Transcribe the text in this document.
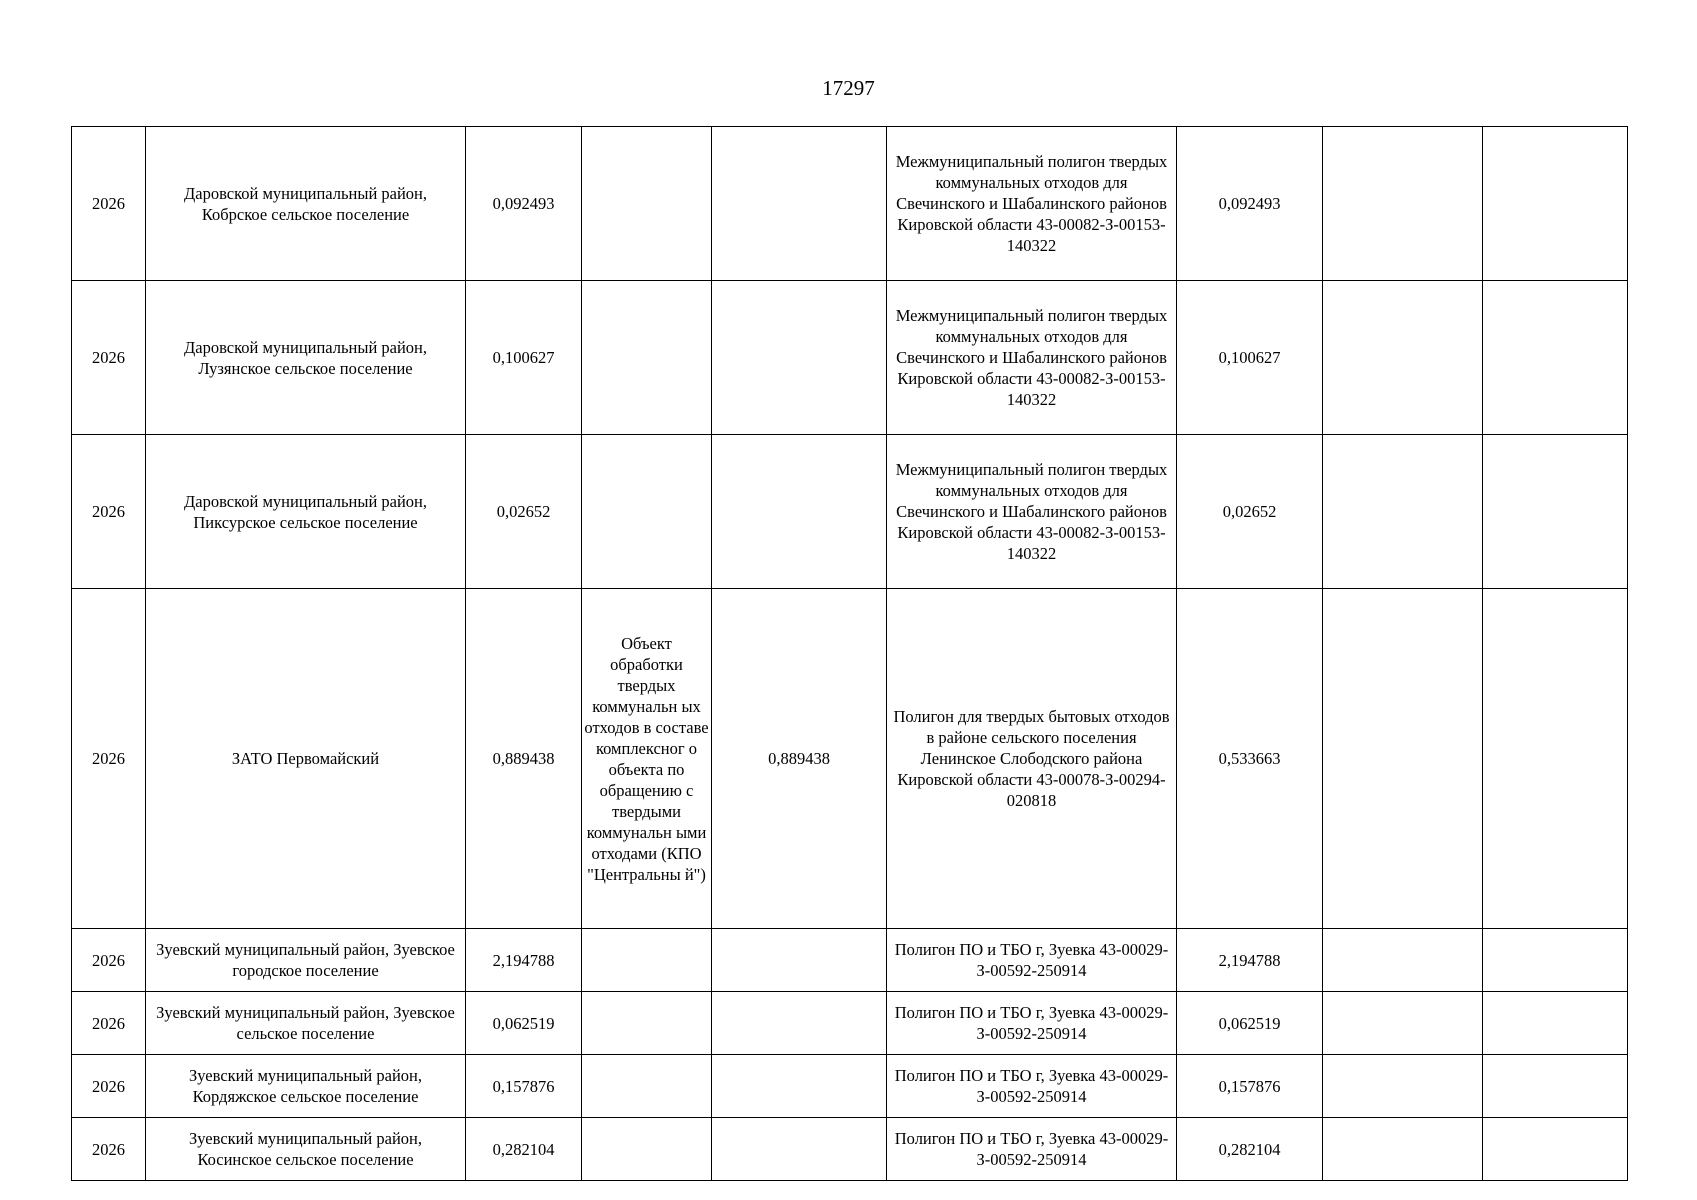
17297
2026	Даровской муниципальный район, Кобрское сельское поселение	0,092493			Межмуниципальный полигон твердых коммунальных отходов для Свечинского и Шабалинского районов Кировской области 43-00082-З-00153-140322	0,092493		
2026	Даровской муниципальный район, Лузянское сельское поселение	0,100627			Межмуниципальный полигон твердых коммунальных отходов для Свечинского и Шабалинского районов Кировской области 43-00082-З-00153-140322	0,100627		
2026	Даровской муниципальный район, Пиксурское сельское поселение	0,02652			Межмуниципальный полигон твердых коммунальных отходов для Свечинского и Шабалинского районов Кировской области 43-00082-З-00153-140322	0,02652		
2026	ЗАТО Первомайский	0,889438	Объект обработки твердых коммунальн ых отходов в составе комплексног о объекта по обращению с твердыми коммунальн ыми отходами (КПО "Центральны й")	0,889438	Полигон для твердых бытовых отходов в районе сельского поселения Ленинское Слободского района Кировской области 43-00078-З-00294-020818	0,533663		
2026	Зуевский муниципальный район, Зуевское городское поселение	2,194788			Полигон ПО и ТБО г, Зуевка 43-00029-З-00592-250914	2,194788		
2026	Зуевский муниципальный район, Зуевское сельское поселение	0,062519			Полигон ПО и ТБО г, Зуевка 43-00029-З-00592-250914	0,062519		
2026	Зуевский муниципальный район, Кордяжское сельское поселение	0,157876			Полигон ПО и ТБО г, Зуевка 43-00029-З-00592-250914	0,157876		
2026	Зуевский муниципальный район, Косинское сельское поселение	0,282104			Полигон ПО и ТБО г, Зуевка 43-00029-З-00592-250914	0,282104		
